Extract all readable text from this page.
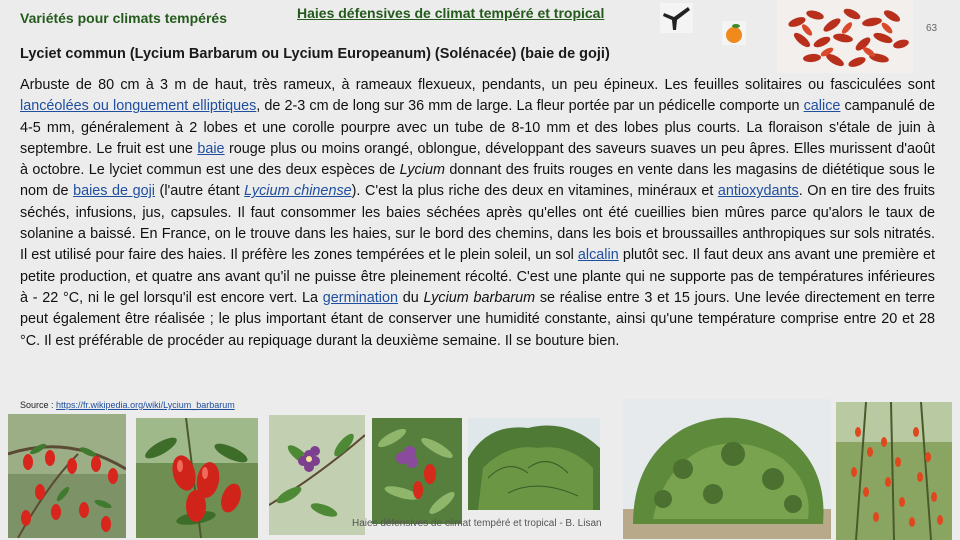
Variétés pour climats tempérés	Haies défensives de climat tempéré et tropical
63
Lyciet commun (Lycium Barbarum ou Lycium Europeanum) (Solénacée) (baie de goji)
Arbuste de 80 cm à 3 m de haut, très rameux, à rameaux flexueux, pendants, un peu épineux. Les feuilles solitaires ou fasciculées sont lancéolées ou longuement elliptiques, de 2-3 cm de long sur 36 mm de large. La fleur portée par un pédicelle comporte un calice campanulé de 4-5 mm, généralement à 2 lobes et une corolle pourpre avec un tube de 8-10 mm et des lobes plus courts. La floraison s'étale de juin à septembre. Le fruit est une baie rouge plus ou moins orangé, oblongue, développant des saveurs suaves un peu âpres. Elles murissent d'août à octobre. Le lyciet commun est une des deux espèces de Lycium donnant des fruits rouges en vente dans les magasins de diététique sous le nom de baies de goji (l'autre étant Lycium chinense). C'est la plus riche des deux en vitamines, minéraux et antioxydants. On en tire des fruits séchés, infusions, jus, capsules. Il faut consommer les baies séchées après qu'elles ont été cueillies bien mûres parce qu'alors le taux de solanine a baissé. En France, on le trouve dans les haies, sur le bord des chemins, dans les bois et broussailles anthropiques sur sols nitratés. Il est utilisé pour faire des haies. Il préfère les zones tempérées et le plein soleil, un sol alcalin plutôt sec. Il faut deux ans avant une première et petite production, et quatre ans avant qu'il ne puisse être pleinement récolté. C'est une plante qui ne supporte pas de températures inférieures à - 22 °C, ni le gel lorsqu'il est encore vert. La germination du Lycium barbarum se réalise entre 3 et 15 jours. Une levée directement en terre peut également être réalisée ; le plus important étant de conserver une humidité constante, ainsi qu'une température comprise entre 20 et 28 °C. Il est préférable de procéder au repiquage durant la deuxième semaine. Il se bouture bien.
Source : https://fr.wikipedia.org/wiki/Lycium_barbarum
Haies défensives de climat tempéré et tropical - B. Lisan
